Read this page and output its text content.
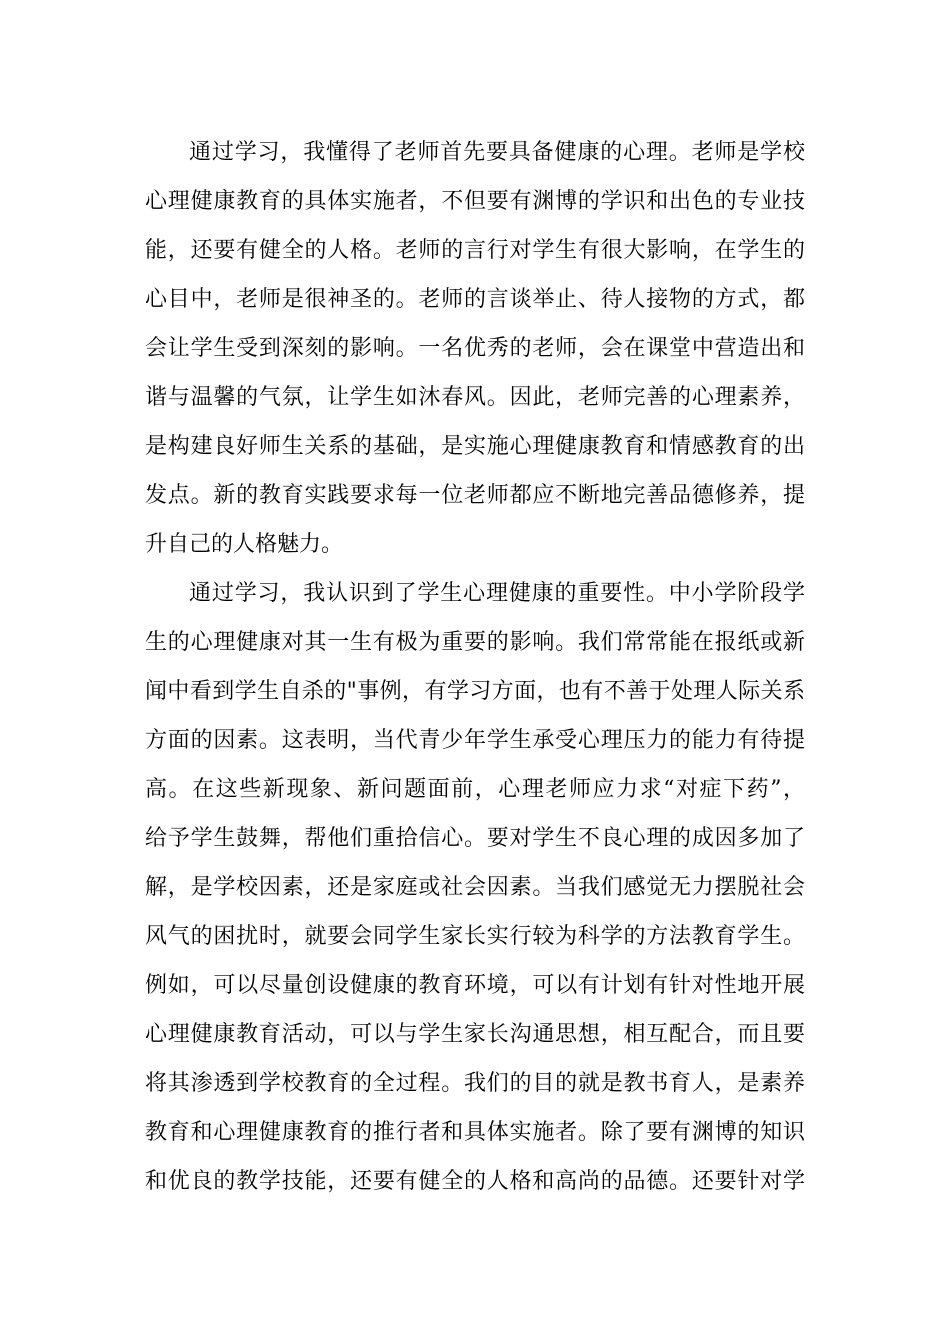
通过学习，我懂得了老师首先要具备健康的心理。老师是学校
心理健康教育的具体实施者，不但要有渊博的学识和出色的专业技
能，还要有健全的人格。老师的言行对学生有很大影响，在学生的
心目中，老师是很神圣的。老师的言谈举止、待人接物的方式，都
会让学生受到深刻的影响。一名优秀的老师，会在课堂中营造出和
谐与温馨的气氛，让学生如沐春风。因此，老师完善的心理素养，
是构建良好师生关系的基础，是实施心理健康教育和情感教育的出
发点。新的教育实践要求每一位老师都应不断地完善品德修养，提
升自己的人格魅力。
通过学习，我认识到了学生心理健康的重要性。中小学阶段学
生的心理健康对其一生有极为重要的影响。我们常常能在报纸或新
闻中看到学生自杀的"事例，有学习方面，也有不善于处理人际关系
方面的因素。这表明，当代青少年学生承受心理压力的能力有待提
高。在这些新现象、新问题面前，心理老师应力求“对症下药”，
给予学生鼓舞，帮他们重拾信心。要对学生不良心理的成因多加了
解，是学校因素，还是家庭或社会因素。当我们感觉无力摆脱社会
风气的困扰时，就要会同学生家长实行较为科学的方法教育学生。
例如，可以尽量创设健康的教育环境，可以有计划有针对性地开展
心理健康教育活动，可以与学生家长沟通思想，相互配合，而且要
将其渗透到学校教育的全过程。我们的目的就是教书育人，是素养
教育和心理健康教育的推行者和具体实施者。除了要有渊博的知识
和优良的教学技能，还要有健全的人格和高尚的品德。还要针对学
